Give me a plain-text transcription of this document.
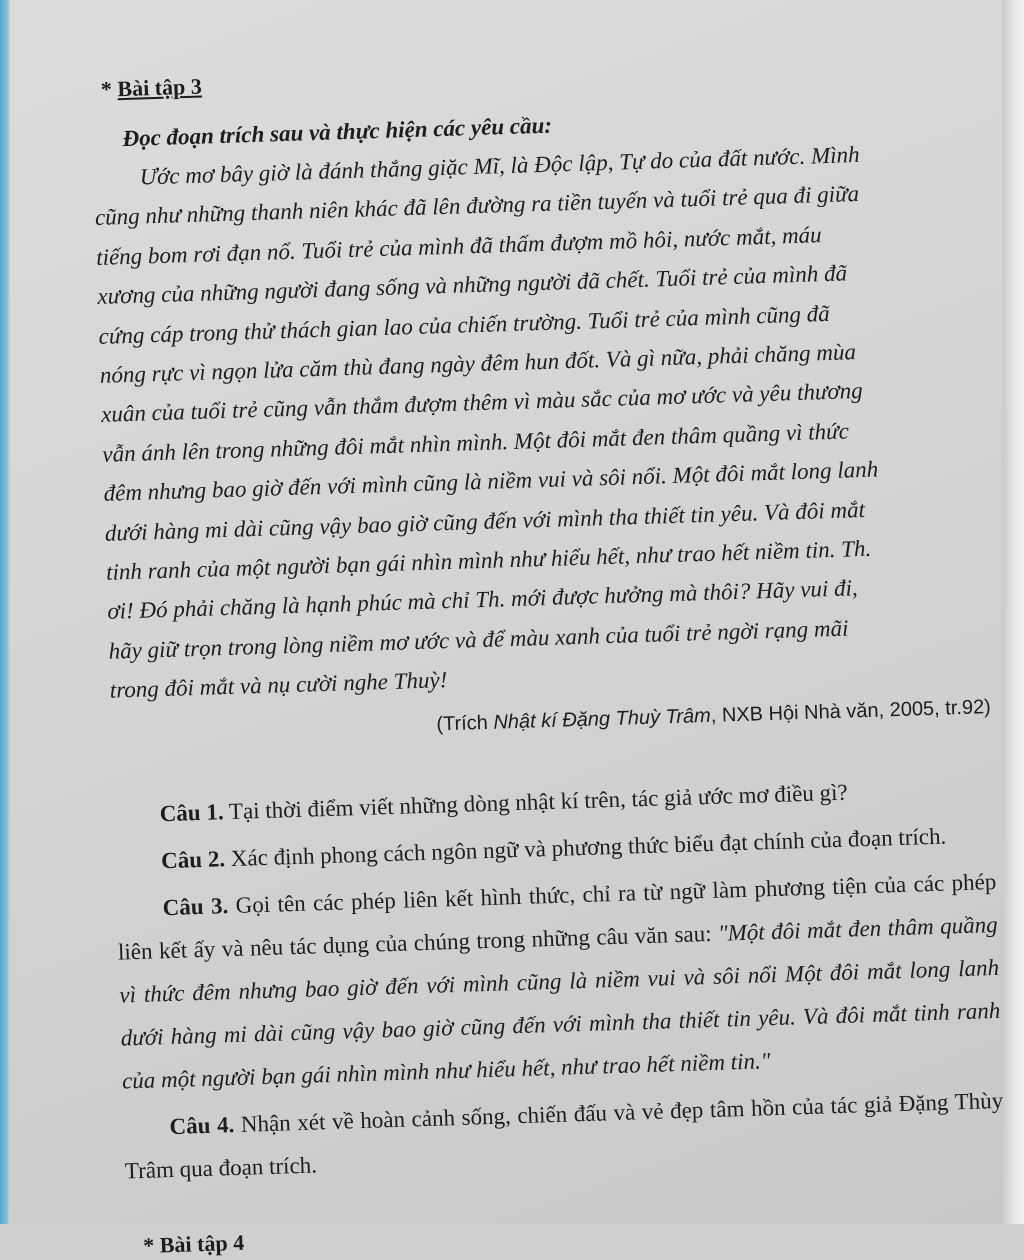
* Bài tập 3
Đọc đoạn trích sau và thực hiện các yêu cầu:
Ước mơ bây giờ là đánh thắng giặc Mĩ, là Độc lập, Tự do của đất nước. Mình
cũng như những thanh niên khác đã lên đường ra tiền tuyến và tuổi trẻ qua đi giữa
tiếng bom rơi đạn nổ. Tuổi trẻ của mình đã thấm đượm mồ hôi, nước mắt, máu
xương của những người đang sống và những người đã chết. Tuổi trẻ của mình đã
cứng cáp trong thử thách gian lao của chiến trường. Tuổi trẻ của mình cũng đã
nóng rực vì ngọn lửa căm thù đang ngày đêm hun đốt. Và gì nữa, phải chăng mùa
xuân của tuổi trẻ cũng vẫn thắm đượm thêm vì màu sắc của mơ ước và yêu thương
vẫn ánh lên trong những đôi mắt nhìn mình. Một đôi mắt đen thâm quầng vì thức
đêm nhưng bao giờ đến với mình cũng là niềm vui và sôi nổi. Một đôi mắt long lanh
dưới hàng mi dài cũng vậy bao giờ cũng đến với mình tha thiết tin yêu. Và đôi mắt
tinh ranh của một người bạn gái nhìn mình như hiểu hết, như trao hết niềm tin. Th.
ơi! Đó phải chăng là hạnh phúc mà chỉ Th. mới được hưởng mà thôi? Hãy vui đi,
hãy giữ trọn trong lòng niềm mơ ước và để màu xanh của tuổi trẻ ngời rạng mãi
trong đôi mắt và nụ cười nghe Thuỳ!
(Trích Nhật kí Đặng Thuỳ Trâm, NXB Hội Nhà văn, 2005, tr.92)

Câu 1. Tại thời điểm viết những dòng nhật kí trên, tác giả ước mơ điều gì?

Câu 2. Xác định phong cách ngôn ngữ và phương thức biểu đạt chính của đoạn trích.

Câu 3. Gọi tên các phép liên kết hình thức, chỉ ra từ ngữ làm phương tiện của các phép liên kết ấy và nêu tác dụng của chúng trong những câu văn sau: "Một đôi mắt đen thâm quầng vì thức đêm nhưng bao giờ đến với mình cũng là niềm vui và sôi nổi Một đôi mắt long lanh dưới hàng mi dài cũng vậy bao giờ cũng đến với mình tha thiết tin yêu. Và đôi mắt tinh ranh của một người bạn gái nhìn mình như hiểu hết, như trao hết niềm tin."

Câu 4. Nhận xét về hoàn cảnh sống, chiến đấu và vẻ đẹp tâm hồn của tác giả Đặng Thùy Trâm qua đoạn trích.

* Bài tập 4
